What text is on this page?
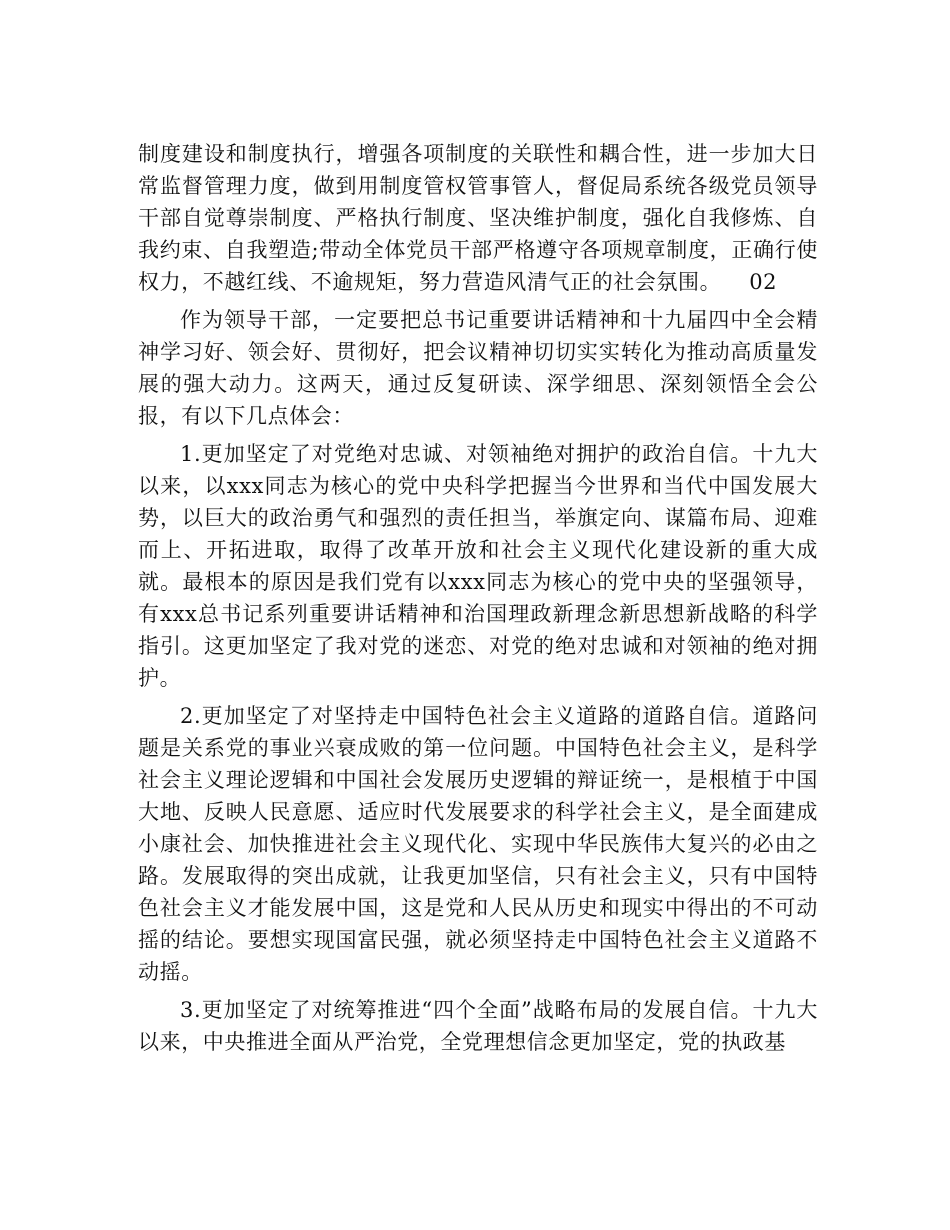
制度建设和制度执行，增强各项制度的关联性和耦合性，进一步加大日常监督管理力度，做到用制度管权管事管人，督促局系统各级党员领导干部自觉尊崇制度、严格执行制度、坚决维护制度，强化自我修炼、自我约束、自我塑造;带动全体党员干部严格遵守各项规章制度，正确行使权力，不越红线、不逾规矩，努力营造风清气正的社会氛围。 02

作为领导干部，一定要把总书记重要讲话精神和十九届四中全会精神学习好、领会好、贯彻好，把会议精神切切实实转化为推动高质量发展的强大动力。这两天，通过反复研读、深学细思、深刻领悟全会公报，有以下几点体会：

1.更加坚定了对党绝对忠诚、对领袖绝对拥护的政治自信。十九大以来，以xxx同志为核心的党中央科学把握当今世界和当代中国发展大势，以巨大的政治勇气和强烈的责任担当，举旗定向、谋篇布局、迎难而上、开拓进取，取得了改革开放和社会主义现代化建设新的重大成就。最根本的原因是我们党有以xxx同志为核心的党中央的坚强领导，有xxx总书记系列重要讲话精神和治国理政新理念新思想新战略的科学指引。这更加坚定了我对党的迷恋、对党的绝对忠诚和对领袖的绝对拥护。

2.更加坚定了对坚持走中国特色社会主义道路的道路自信。道路问题是关系党的事业兴衰成败的第一位问题。中国特色社会主义，是科学社会主义理论逻辑和中国社会发展历史逻辑的辩证统一，是根植于中国大地、反映人民意愿、适应时代发展要求的科学社会主义，是全面建成小康社会、加快推进社会主义现代化、实现中华民族伟大复兴的必由之路。发展取得的突出成就，让我更加坚信，只有社会主义，只有中国特色社会主义才能发展中国，这是党和人民从历史和现实中得出的不可动摇的结论。要想实现国富民强，就必须坚持走中国特色社会主义道路不动摇。

3.更加坚定了对统筹推进“四个全面”战略布局的发展自信。十九大以来，中央推进全面从严治党，全党理想信念更加坚定，党的执政基
